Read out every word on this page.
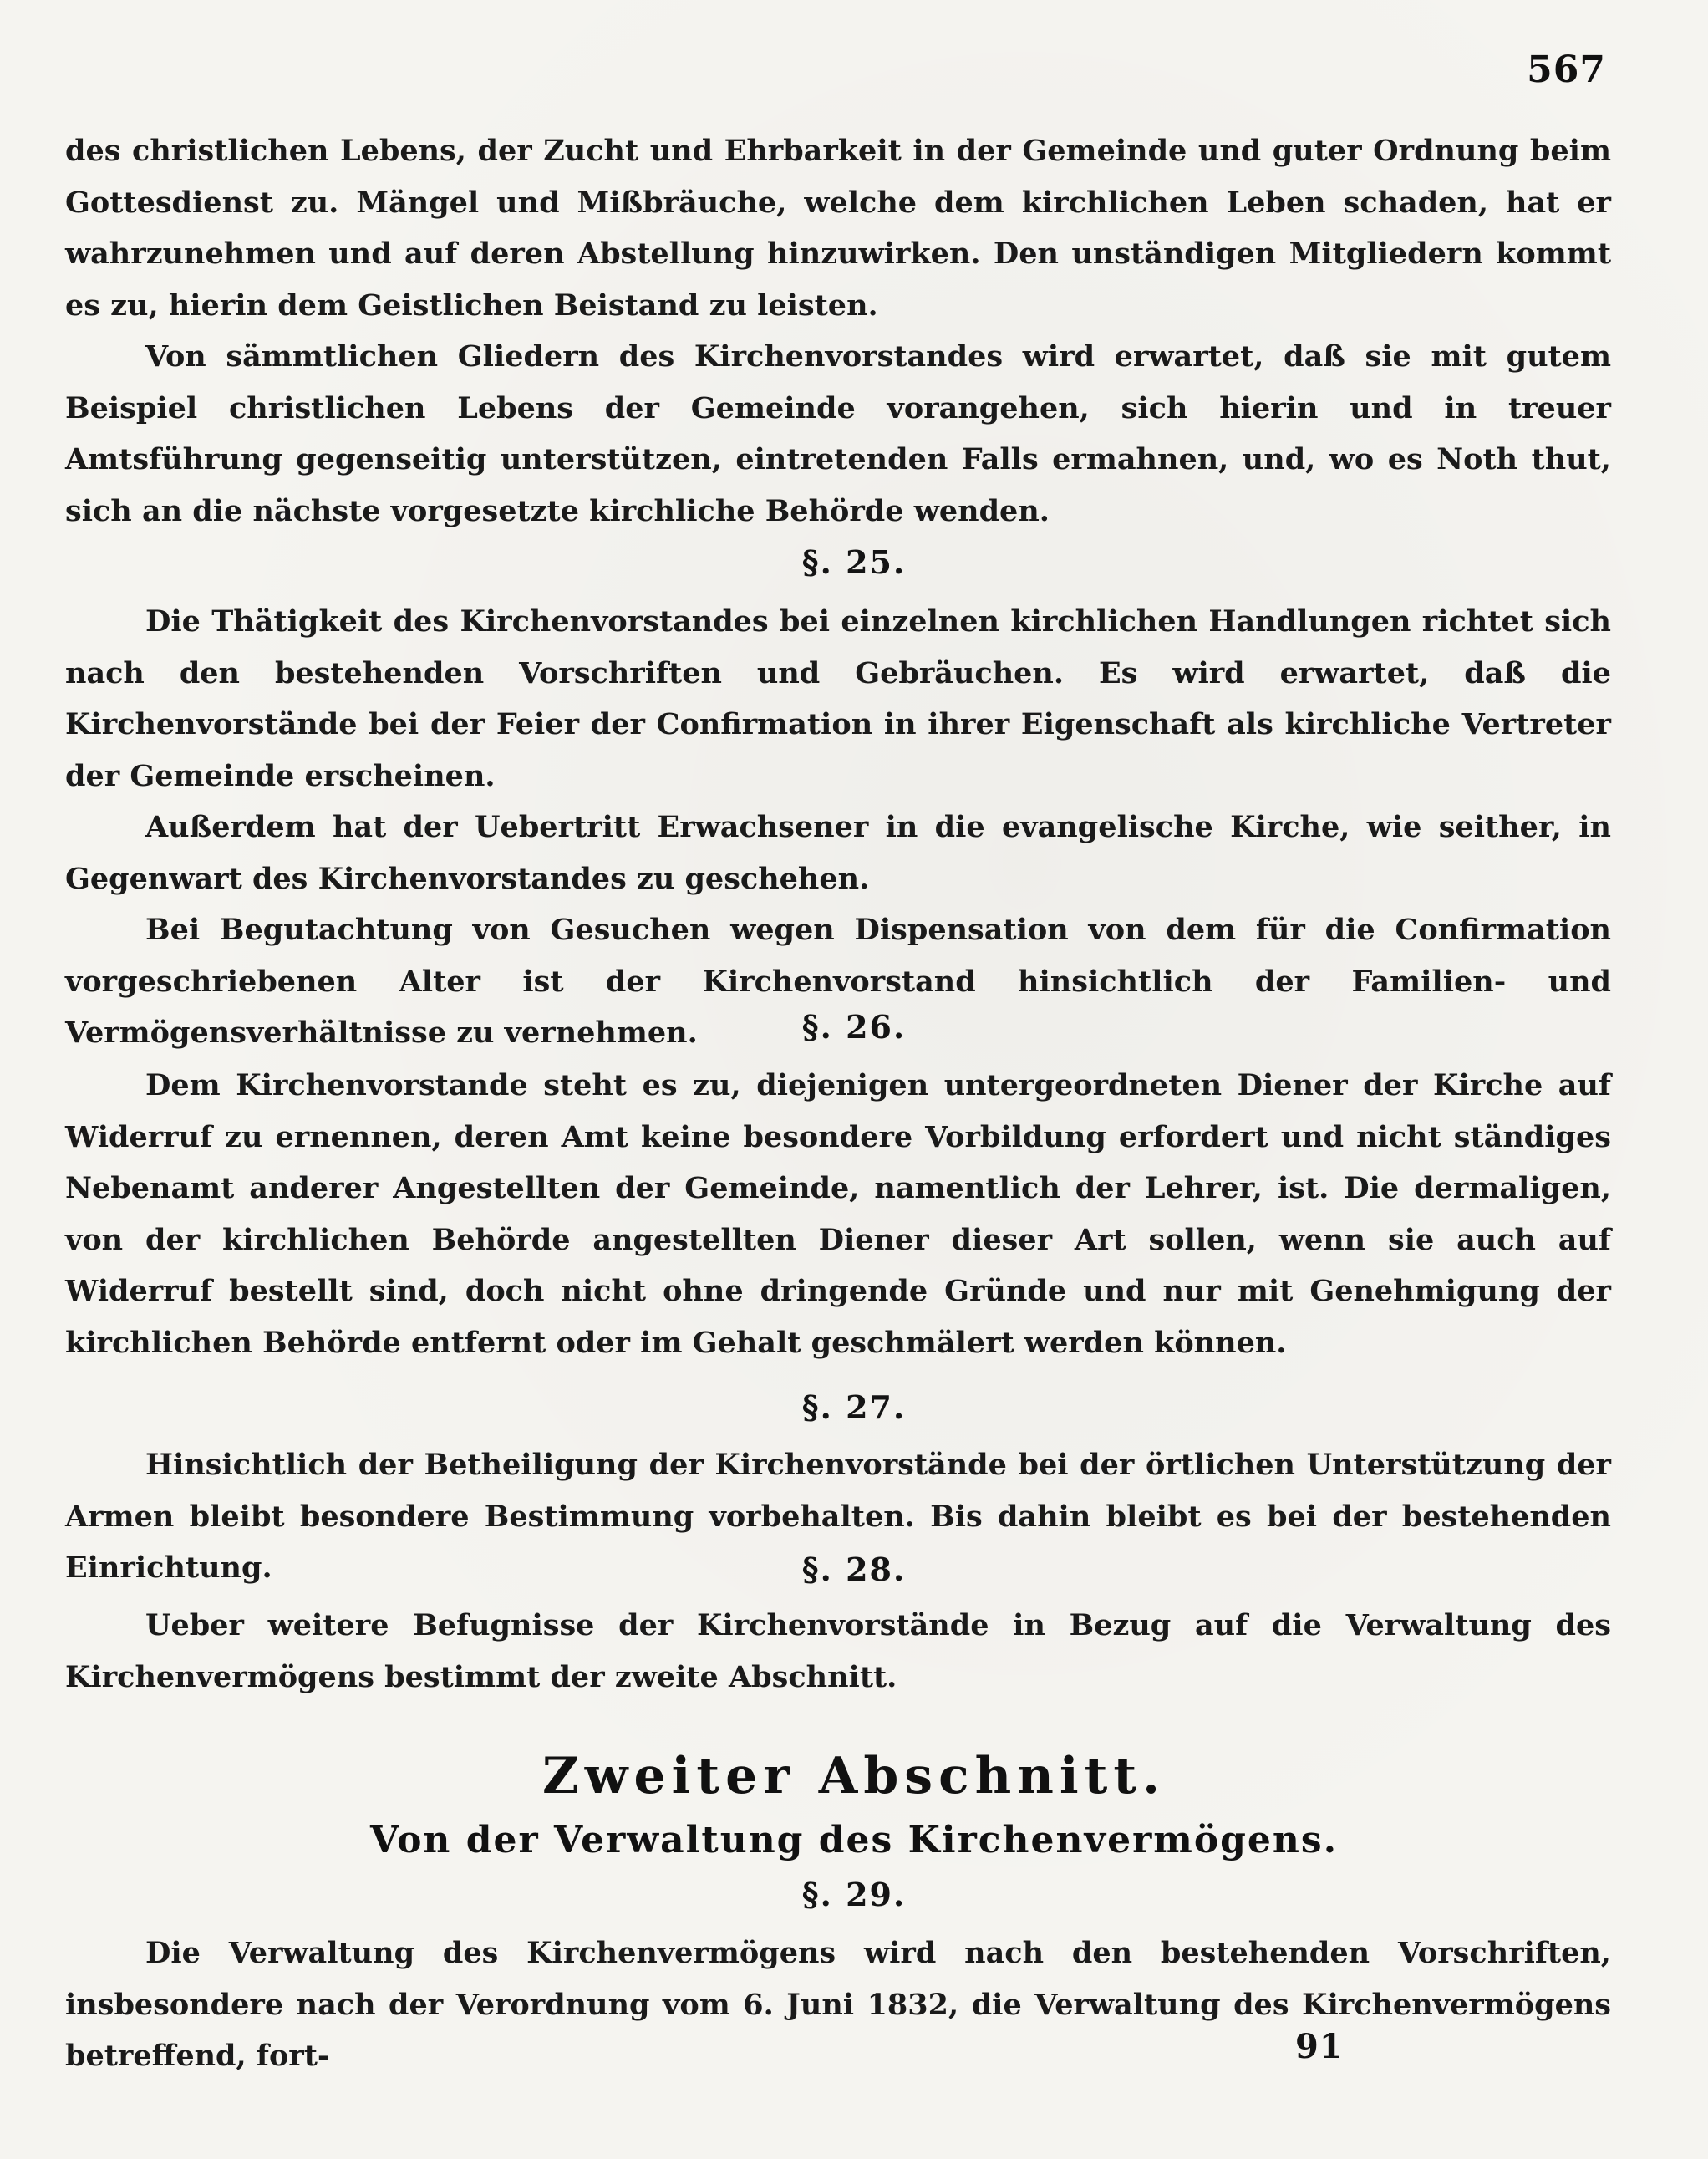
567

des christlichen Lebens, der Zucht und Ehrbarkeit in der Gemeinde und guter Ordnung beim Gottesdienst zu. Mängel und Mißbräuche, welche dem kirchlichen Leben schaden, hat er wahrzunehmen und auf deren Abstellung hinzuwirken. Den unständigen Mitgliedern kommt es zu, hierin dem Geistlichen Beistand zu leisten.

Von sämmtlichen Gliedern des Kirchenvorstandes wird erwartet, daß sie mit gutem Beispiel christlichen Lebens der Gemeinde vorangehen, sich hierin und in treuer Amtsführung gegenseitig unterstützen, eintretenden Falls ermahnen, und, wo es Noth thut, sich an die nächste vorgesetzte kirchliche Behörde wenden.

§. 25.

Die Thätigkeit des Kirchenvorstandes bei einzelnen kirchlichen Handlungen richtet sich nach den bestehenden Vorschriften und Gebräuchen. Es wird erwartet, daß die Kirchenvorstände bei der Feier der Confirmation in ihrer Eigenschaft als kirchliche Vertreter der Gemeinde erscheinen.

Außerdem hat der Uebertritt Erwachsener in die evangelische Kirche, wie seither, in Gegenwart des Kirchenvorstandes zu geschehen.

Bei Begutachtung von Gesuchen wegen Dispensation von dem für die Confirmation vorgeschriebenen Alter ist der Kirchenvorstand hinsichtlich der Familien- und Vermögensverhältnisse zu vernehmen.	§. 26.

Dem Kirchenvorstande steht es zu, diejenigen untergeordneten Diener der Kirche auf Widerruf zu ernennen, deren Amt keine besondere Vorbildung erfordert und nicht ständiges Nebenamt anderer Angestellten der Gemeinde, namentlich der Lehrer, ist. Die dermaligen, von der kirchlichen Behörde angestellten Diener dieser Art sollen, wenn sie auch auf Widerruf bestellt sind, doch nicht ohne dringende Gründe und nur mit Genehmigung der kirchlichen Behörde entfernt oder im Gehalt geschmälert werden können.

§. 27.

Hinsichtlich der Betheiligung der Kirchenvorstände bei der örtlichen Unterstützung der Armen bleibt besondere Bestimmung vorbehalten. Bis dahin bleibt es bei der bestehenden Einrichtung.	§. 28.

Ueber weitere Befugnisse der Kirchenvorstände in Bezug auf die Verwaltung des Kirchenvermögens bestimmt der zweite Abschnitt.

Zweiter Abschnitt.
Von der Verwaltung des Kirchenvermögens.
§. 29.

Die Verwaltung des Kirchenvermögens wird nach den bestehenden Vorschriften, insbesondere nach der Verordnung vom 6. Juni 1832, die Verwaltung des Kirchenvermögens betreffend, fort-	91
